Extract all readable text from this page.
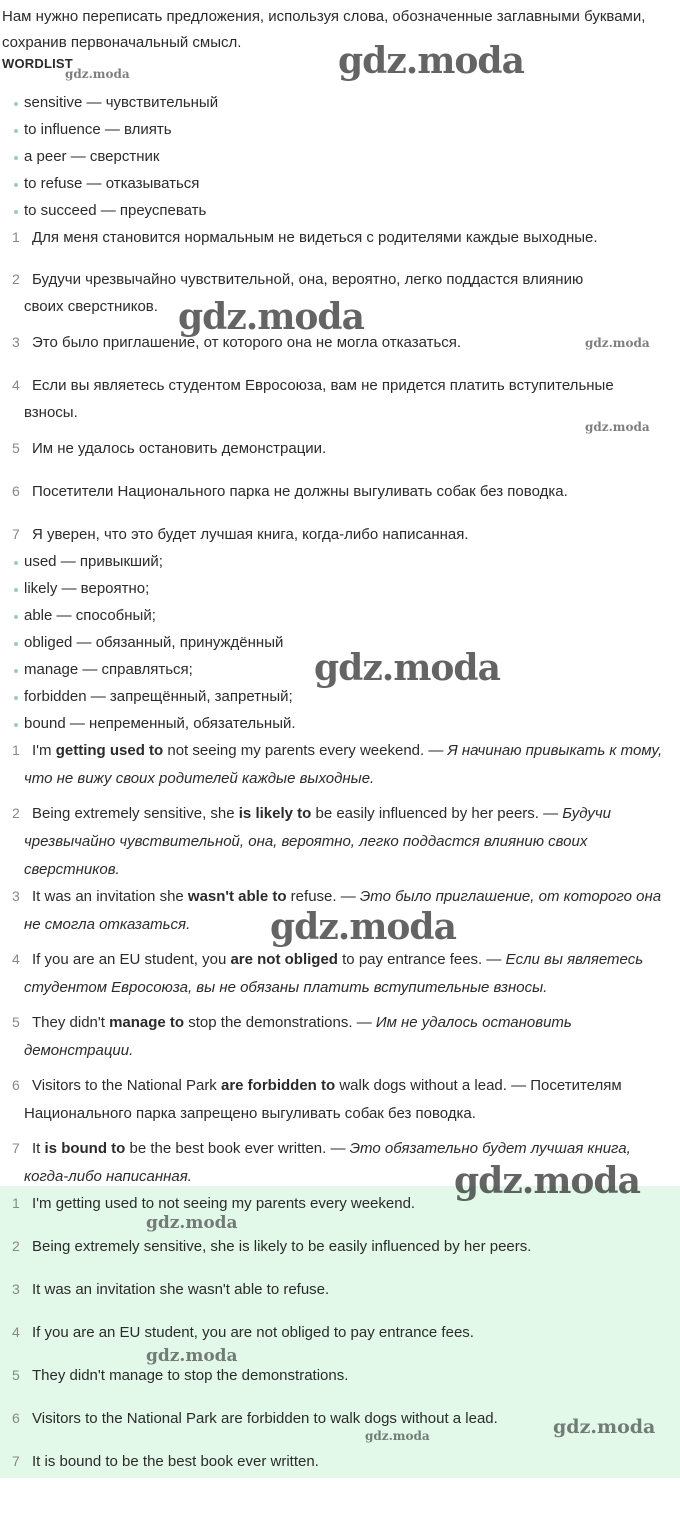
Нам нужно переписать предложения, используя слова, обозначенные заглавными буквами, сохранив первоначальный смысл.
WORDLIST
sensitive — чувствительный
to influence — влиять
a peer — сверстник
to refuse — отказываться
to succeed — преуспевать
1 Для меня становится нормальным не видеться с родителями каждые выходные.
2 Будучи чрезвычайно чувствительной, она, вероятно, легко поддастся влиянию
своих сверстников.
3 Это было приглашение, от которого она не могла отказаться.
4 Если вы являетесь студентом Евросоюза, вам не придется платить вступительные
взносы.
5 Им не удалось остановить демонстрации.
6 Посетители Национального парка не должны выгуливать собак без поводка.
7 Я уверен, что это будет лучшая книга, когда-либо написанная.
used — привыкший;
likely — вероятно;
able — способный;
obliged — обязанный, принуждённый
manage — справляться;
forbidden — запрещённый, запретный;
bound — непременный, обязательный.
1 I'm getting used to not seeing my parents every weekend. — Я начинаю привыкать к тому, что не вижу своих родителей каждые выходные.
2 Being extremely sensitive, she is likely to be easily influenced by her peers. — Будучи чрезвычайно чувствительной, она, вероятно, легко поддастся влиянию своих сверстников.
3 It was an invitation she wasn't able to refuse. — Это было приглашение, от которого она не смогла отказаться.
4 If you are an EU student, you are not obliged to pay entrance fees. — Если вы являетесь студентом Евросоюза, вы не обязаны платить вступительные взносы.
5 They didn't manage to stop the demonstrations. — Им не удалось остановить демонстрации.
6 Visitors to the National Park are forbidden to walk dogs without a lead. — Посетителям Национального парка запрещено выгуливать собак без поводка.
7 It is bound to be the best book ever written. — Это обязательно будет лучшая книга, когда-либо написанная.
1 I'm getting used to not seeing my parents every weekend.
2 Being extremely sensitive, she is likely to be easily influenced by her peers.
3 It was an invitation she wasn't able to refuse.
4 If you are an EU student, you are not obliged to pay entrance fees.
5 They didn't manage to stop the demonstrations.
6 Visitors to the National Park are forbidden to walk dogs without a lead.
7 It is bound to be the best book ever written.
gdz.moda
gdz.moda
gdz.moda
gdz.moda
gdz.moda
gdz.moda
gdz.moda
gdz.moda
gdz.moda
gdz.moda
gdz.moda
gdz.moda
